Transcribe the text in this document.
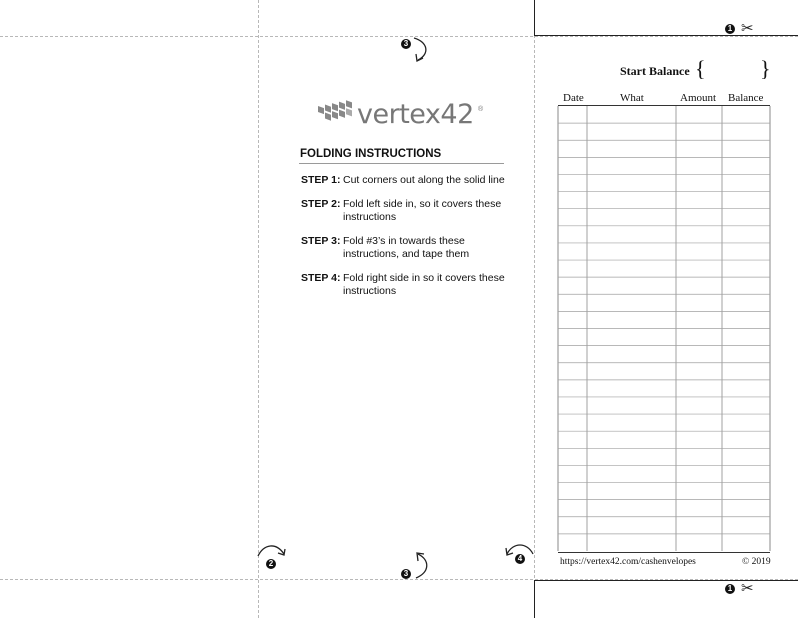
1 ✂
1 ✂
3
2
3
4
vertex42 ®
FOLDING INSTRUCTIONS
STEP 1: Cut corners out along the solid line
STEP 2: Fold left side in, so it covers these instructions
STEP 3: Fold #3’s in towards these instructions, and tape them
STEP 4: Fold right side in so it covers these instructions
Start Balance { }
Date	What	Amount Balance
https://vertex42.com/cashenvelopes	© 2019
